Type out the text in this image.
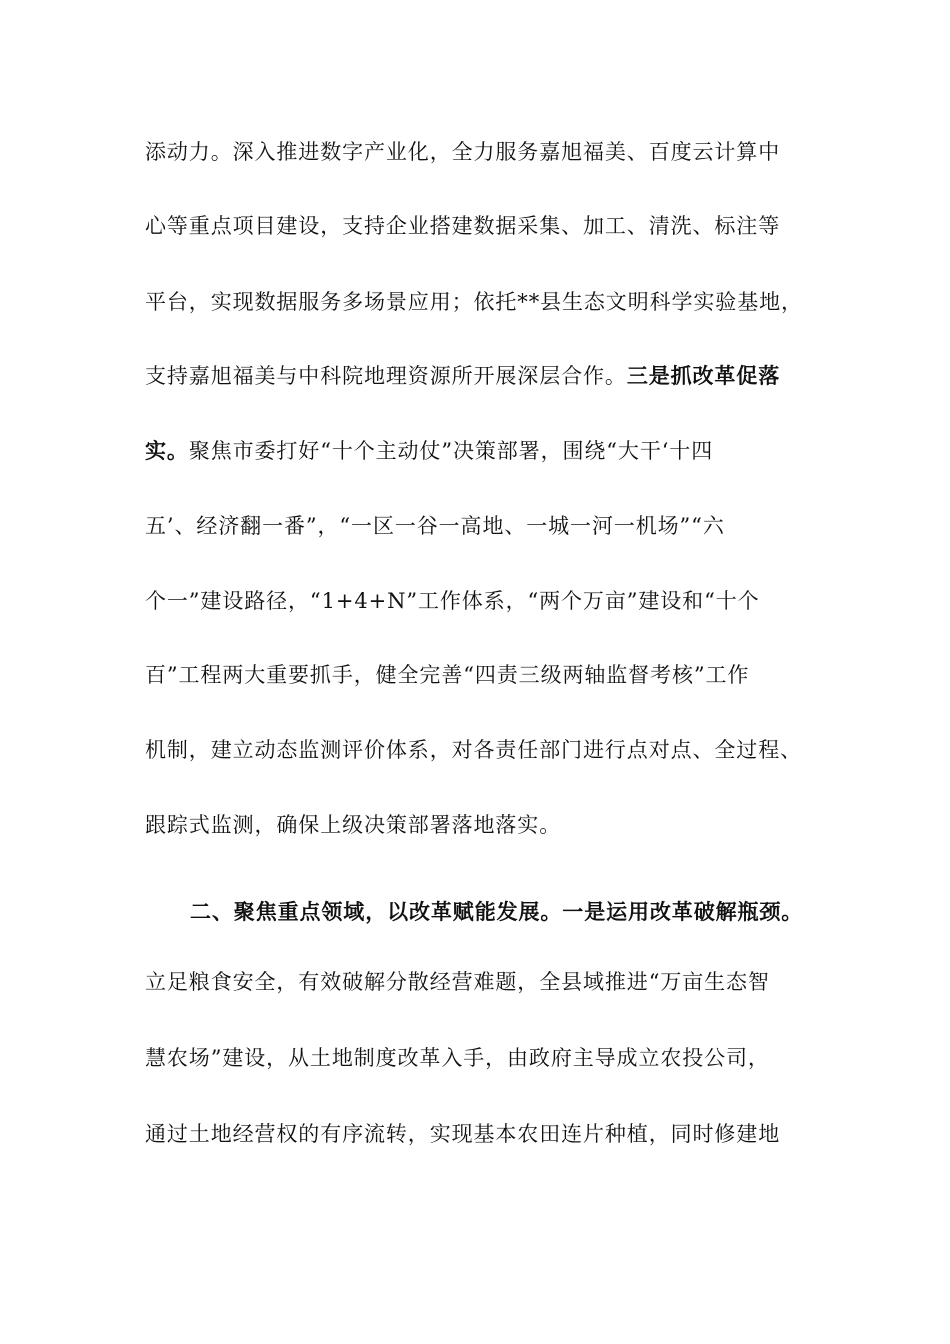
添动力。深入推进数字产业化，全力服务嘉旭福美、百度云计算中
心等重点项目建设，支持企业搭建数据采集、加工、清洗、标注等
平台，实现数据服务多场景应用；依托**县生态文明科学实验基地，
支持嘉旭福美与中科院地理资源所开展深层合作。三是抓改革促落
实。聚焦市委打好“十个主动仗”决策部署，围绕“大干‘十四
五’、经济翻一番”，“一区一谷一高地、一城一河一机场”“六
个一”建设路径，“1+4+N”工作体系，“两个万亩”建设和“十个
百”工程两大重要抓手，健全完善“四责三级两轴监督考核”工作
机制，建立动态监测评价体系，对各责任部门进行点对点、全过程、
跟踪式监测，确保上级决策部署落地落实。
二、聚焦重点领域，以改革赋能发展。一是运用改革破解瓶颈。
立足粮食安全，有效破解分散经营难题，全县域推进“万亩生态智
慧农场”建设，从土地制度改革入手，由政府主导成立农投公司，
通过土地经营权的有序流转，实现基本农田连片种植，同时修建地
